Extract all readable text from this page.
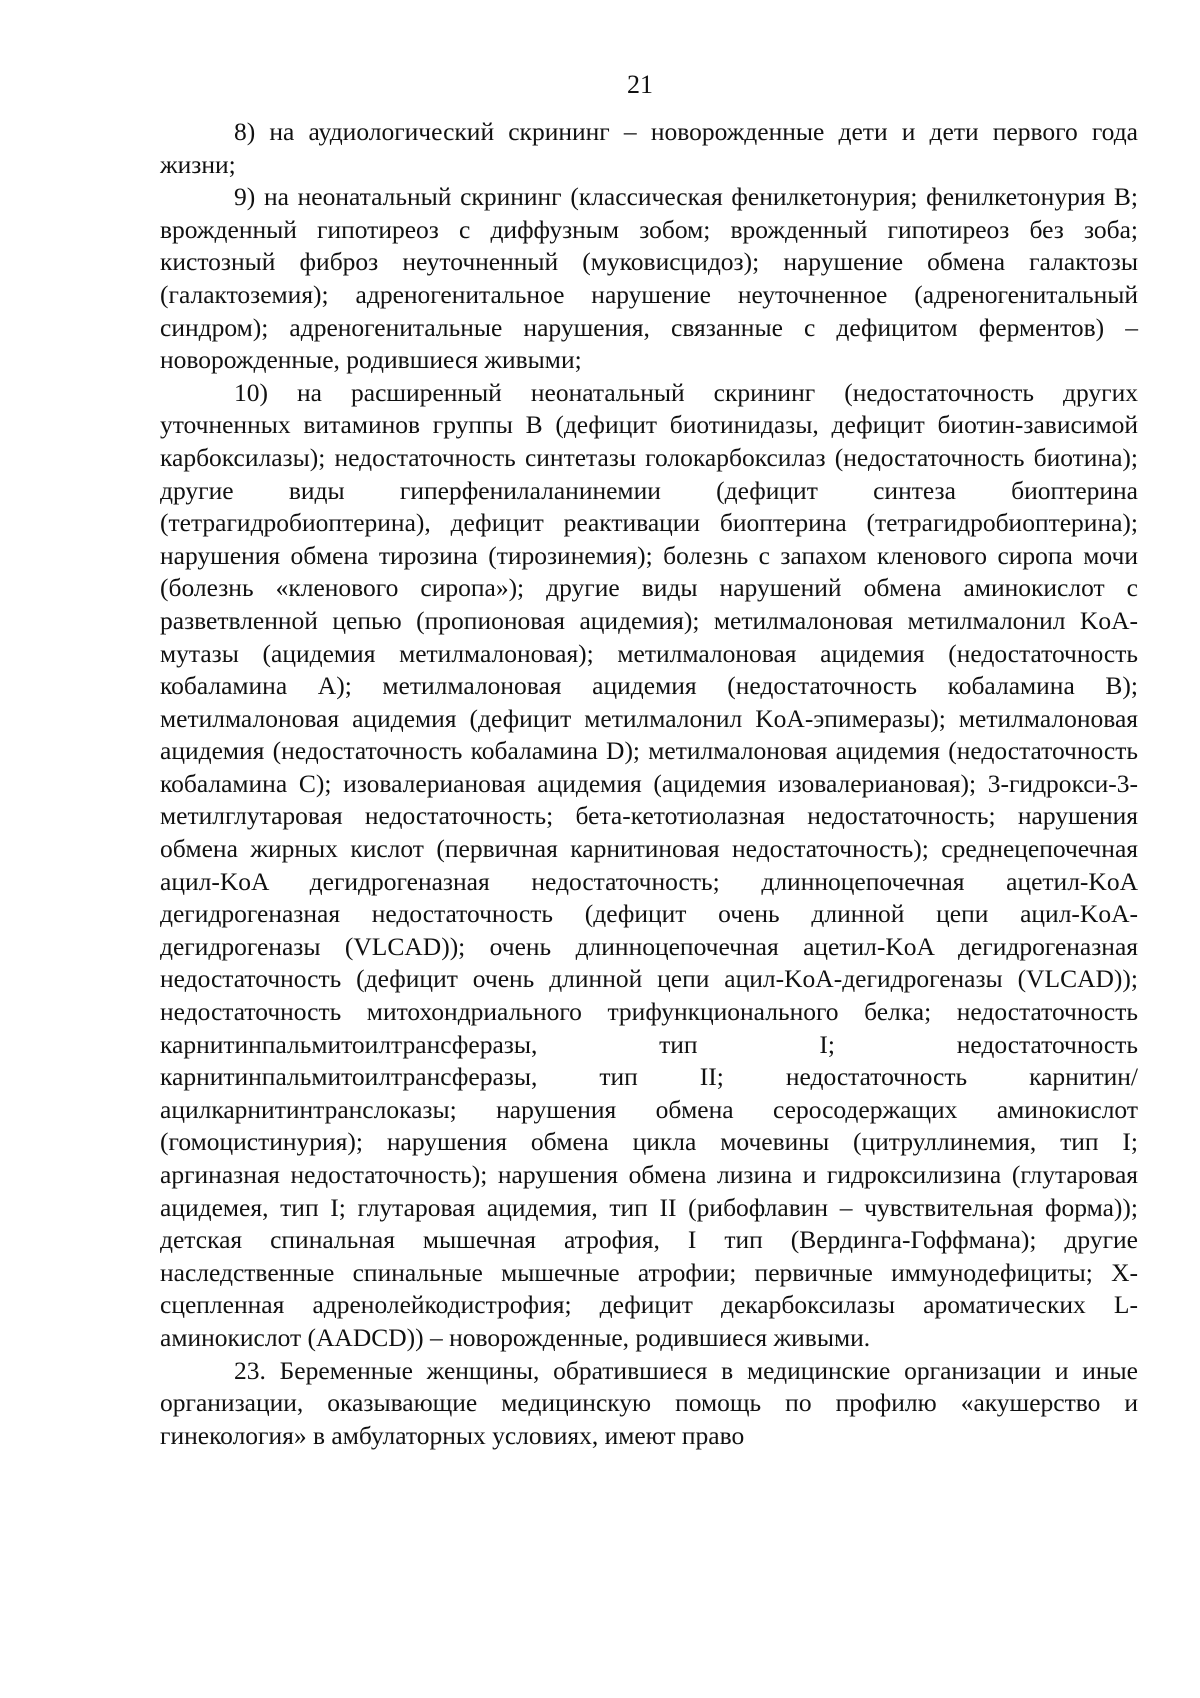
21

8) на аудиологический скрининг – новорожденные дети и дети первого года жизни;

9) на неонатальный скрининг (классическая фенилкетонурия; фенилкетонурия B; врожденный гипотиреоз с диффузным зобом; врожденный гипотиреоз без зоба; кистозный фиброз неуточненный (муковисцидоз); нарушение обмена галактозы (галактоземия); адреногенитальное нарушение неуточненное (адреногенитальный синдром); адреногенитальные нарушения, связанные с дефицитом ферментов) – новорожденные, родившиеся живыми;

10) на расширенный неонатальный скрининг (недостаточность других уточненных витаминов группы B (дефицит биотинидазы, дефицит биотин-зависимой карбоксилазы); недостаточность синтетазы голокарбоксилаз (недостаточность биотина); другие виды гиперфенилаланинемии (дефицит синтеза биоптерина (тетрагидробиоптерина), дефицит реактивации биоптерина (тетрагидробиоптерина); нарушения обмена тирозина (тирозинемия); болезнь с запахом кленового сиропа мочи (болезнь «кленового сиропа»); другие виды нарушений обмена аминокислот с разветвленной цепью (пропионовая ацидемия); метилмалоновая метилмалонил KoA-мутазы (ацидемия метилмалоновая); метилмалоновая ацидемия (недостаточность кобаламина A); метилмалоновая ацидемия (недостаточность кобаламина B); метилмалоновая ацидемия (дефицит метилмалонил KoA-эпимеразы); метилмалоновая ацидемия (недостаточность кобаламина D); метилмалоновая ацидемия (недостаточность кобаламина C); изовалериановая ацидемия (ацидемия изовалериановая); 3-гидрокси-3-метилглутаровая недостаточность; бета-кетотиолазная недостаточность; нарушения обмена жирных кислот (первичная карнитиновая недостаточность); среднецепочечная ацил-KoA дегидрогеназная недостаточность; длинноцепочечная ацетил-KoA дегидрогеназная недостаточность (дефицит очень длинной цепи ацил-KoA-дегидрогеназы (VLCAD)); очень длинноцепочечная ацетил-KoA дегидрогеназная недостаточность (дефицит очень длинной цепи ацил-KoA-дегидрогеназы (VLCAD)); недостаточность митохондриального трифункционального белка; недостаточность карнитинпальмитоилтрансферазы, тип I; недостаточность карнитинпальмитоилтрансферазы, тип II; недостаточность карнитин/ацилкарнитинтранслоказы; нарушения обмена серосодержащих аминокислот (гомоцистинурия); нарушения обмена цикла мочевины (цитруллинемия, тип I; аргиназная недостаточность); нарушения обмена лизина и гидроксилизина (глутаровая ацидемея, тип I; глутаровая ацидемия, тип II (рибофлавин – чувствительная форма)); детская спинальная мышечная атрофия, I тип (Вердинга-Гоффмана); другие наследственные спинальные мышечные атрофии; первичные иммунодефициты; X-сцепленная адренолейкодистрофия; дефицит декарбоксилазы ароматических L-аминокислот (AADCD)) – новорожденные, родившиеся живыми.

23. Беременные женщины, обратившиеся в медицинские организации и иные организации, оказывающие медицинскую помощь по профилю «акушерство и гинекология» в амбулаторных условиях, имеют право
